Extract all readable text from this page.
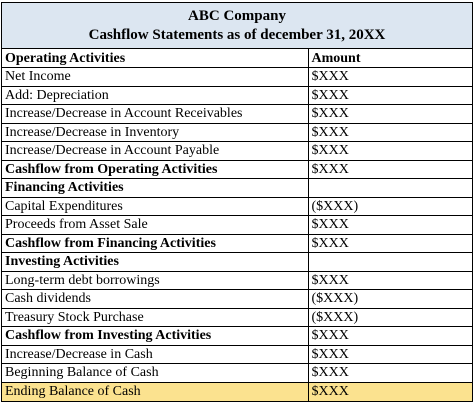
ABC Company
Cashflow Statements as of december 31, 20XX
Operating Activities	Amount
Net Income	$XXX
Add: Depreciation	$XXX
Increase/Decrease in Account Receivables	$XXX
Increase/Decrease in Inventory	$XXX
Increase/Decrease in Account Payable	$XXX
Cashflow from Operating Activities	$XXX
Financing Activities	
Capital Expenditures	($XXX)
Proceeds from Asset Sale	$XXX
Cashflow from Financing Activities	$XXX
Investing Activities	
Long-term debt borrowings	$XXX
Cash dividends	($XXX)
Treasury Stock Purchase	($XXX)
Cashflow from Investing Activities	$XXX
Increase/Decrease in Cash	$XXX
Beginning Balance of Cash	$XXX
Ending Balance of Cash	$XXX
